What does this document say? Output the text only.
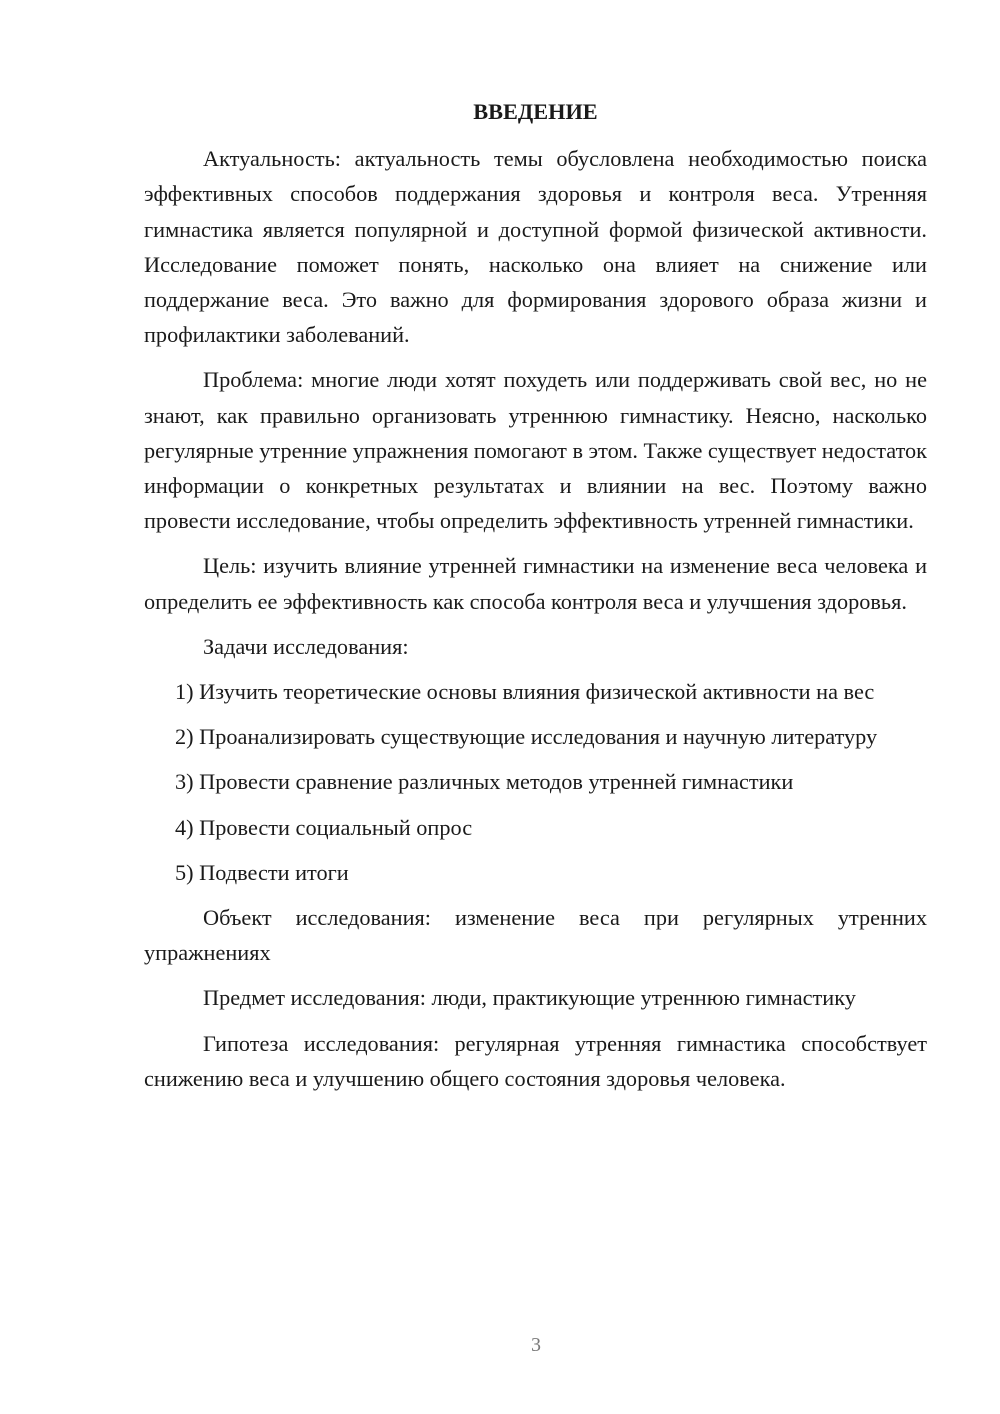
ВВЕДЕНИЕ

Актуальность: актуальность темы обусловлена необходимостью поиска эффективных способов поддержания здоровья и контроля веса. Утренняя гимнастика является популярной и доступной формой физической активности. Исследование поможет понять, насколько она влияет на снижение или поддержание веса. Это важно для формирования здорового образа жизни и профилактики заболеваний.

Проблема: многие люди хотят похудеть или поддерживать свой вес, но не знают, как правильно организовать утреннюю гимнастику. Неясно, насколько регулярные утренние упражнения помогают в этом. Также существует недостаток информации о конкретных результатах и влиянии на вес. Поэтому важно провести исследование, чтобы определить эффективность утренней гимнастики.

Цель: изучить влияние утренней гимнастики на изменение веса человека и определить ее эффективность как способа контроля веса и улучшения здоровья.

Задачи исследования:

1) Изучить теоретические основы влияния физической активности на вес

2) Проанализировать существующие исследования и научную литературу

3) Провести сравнение различных методов утренней гимнастики

4) Провести социальный опрос

5) Подвести итоги

Объект исследования: изменение веса при регулярных утренних упражнениях

Предмет исследования: люди, практикующие утреннюю гимнастику

Гипотеза исследования: регулярная утренняя гимнастика способствует снижению веса и улучшению общего состояния здоровья человека.

3
